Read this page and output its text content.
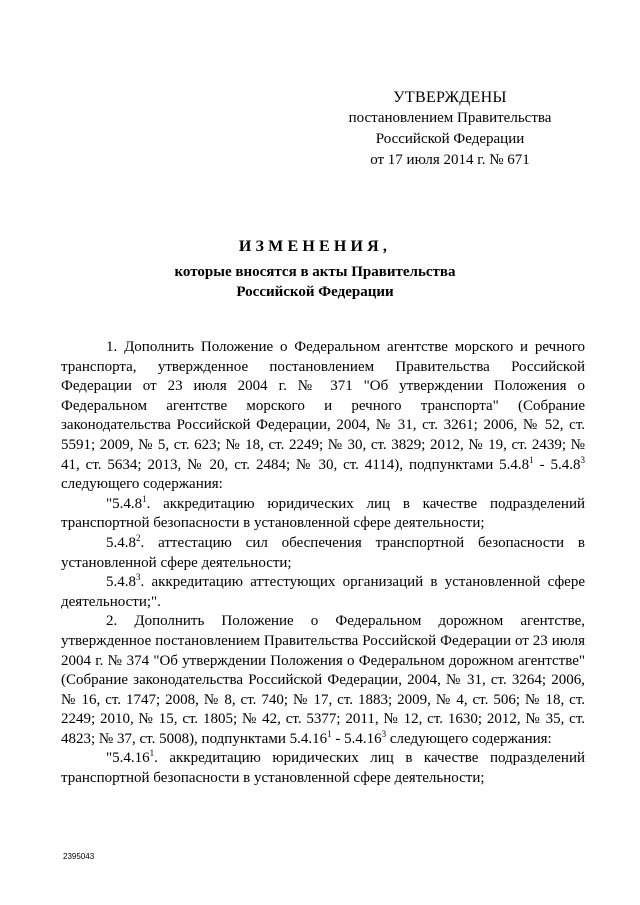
УТВЕРЖДЕНЫ
постановлением Правительства
Российской Федерации
от 17 июля 2014 г. № 671
ИЗМЕНЕНИЯ,
которые вносятся в акты Правительства
Российской Федерации

1. Дополнить Положение о Федеральном агентстве морского и речного транспорта, утвержденное постановлением Правительства Российской Федерации от 23 июля 2004 г. № 371 "Об утверждении Положения о Федеральном агентстве морского и речного транспорта" (Собрание законодательства Российской Федерации, 2004, № 31, ст. 3261; 2006, № 52, ст. 5591; 2009, № 5, ст. 623; № 18, ст. 2249; № 30, ст. 3829; 2012, № 19, ст. 2439; № 41, ст. 5634; 2013, № 20, ст. 2484; № 30, ст. 4114), подпунктами 5.4.8$^1$ - 5.4.8$^3$ следующего содержания:

"5.4.8$^1$. аккредитацию юридических лиц в качестве подразделений транспортной безопасности в установленной сфере деятельности;

5.4.8$^2$. аттестацию сил обеспечения транспортной безопасности в установленной сфере деятельности;

5.4.8$^3$. аккредитацию аттестующих организаций в установленной сфере деятельности;".

2. Дополнить Положение о Федеральном дорожном агентстве, утвержденное постановлением Правительства Российской Федерации от 23 июля 2004 г. № 374 "Об утверждении Положения о Федеральном дорожном агентстве" (Собрание законодательства Российской Федерации, 2004, № 31, ст. 3264; 2006, № 16, ст. 1747; 2008, № 8, ст. 740; № 17, ст. 1883; 2009, № 4, ст. 506; № 18, ст. 2249; 2010, № 15, ст. 1805; № 42, ст. 5377; 2011, № 12, ст. 1630; 2012, № 35, ст. 4823; № 37, ст. 5008), подпунктами 5.4.16$^1$ - 5.4.16$^3$ следующего содержания:

"5.4.16$^1$. аккредитацию юридических лиц в качестве подразделений транспортной безопасности в установленной сфере деятельности;

2395043
